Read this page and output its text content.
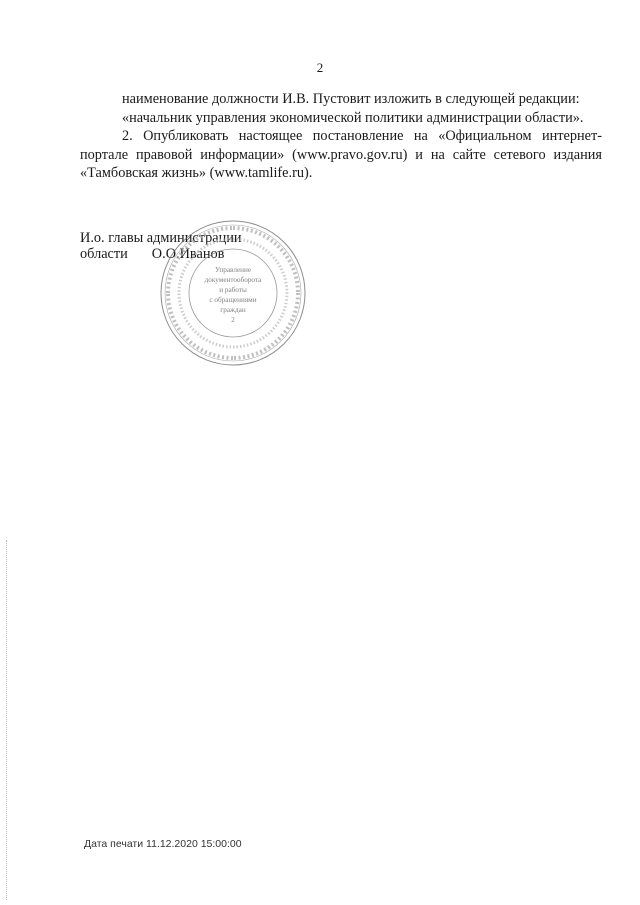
2

наименование должности И.В. Пустовит изложить в следующей редакции:

«начальник управления экономической политики администрации области».

2. Опубликовать настоящее постановление на «Официальном интернет-портале правовой информации» (www.pravo.gov.ru) и на сайте сетевого издания «Тамбовская жизнь» (www.tamlife.ru).

И.о. главы администрации

области О.О.Иванов

Управление
документооборота
и работы
с обращениями
граждан
2
Дата печати 11.12.2020 15:00:00
